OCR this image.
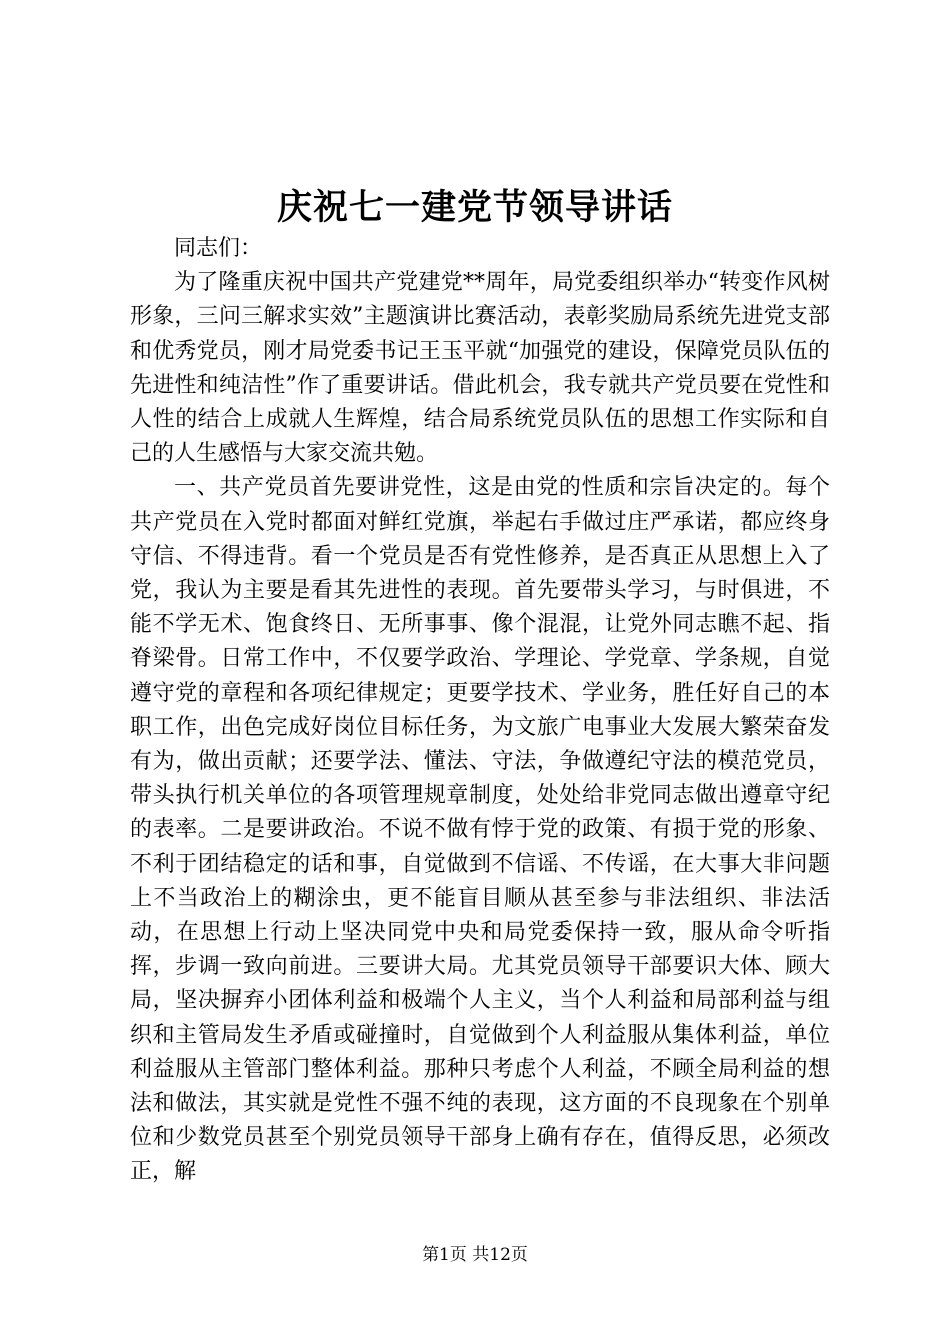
庆祝七一建党节领导讲话

同志们：

为了隆重庆祝中国共产党建党**周年，局党委组织举办“转变作风树形象，三问三解求实效”主题演讲比赛活动，表彰奖励局系统先进党支部和优秀党员，刚才局党委书记王玉平就“加强党的建设，保障党员队伍的先进性和纯洁性”作了重要讲话。借此机会，我专就共产党员要在党性和人性的结合上成就人生辉煌，结合局系统党员队伍的思想工作实际和自己的人生感悟与大家交流共勉。

一、共产党员首先要讲党性，这是由党的性质和宗旨决定的。每个共产党员在入党时都面对鲜红党旗，举起右手做过庄严承诺，都应终身守信、不得违背。看一个党员是否有党性修养，是否真正从思想上入了党，我认为主要是看其先进性的表现。首先要带头学习，与时俱进，不能不学无术、饱食终日、无所事事、像个混混，让党外同志瞧不起、指脊梁骨。日常工作中，不仅要学政治、学理论、学党章、学条规，自觉遵守党的章程和各项纪律规定；更要学技术、学业务，胜任好自己的本职工作，出色完成好岗位目标任务，为文旅广电事业大发展大繁荣奋发有为，做出贡献；还要学法、懂法、守法，争做遵纪守法的模范党员，带头执行机关单位的各项管理规章制度，处处给非党同志做出遵章守纪的表率。二是要讲政治。不说不做有悖于党的政策、有损于党的形象、不利于团结稳定的话和事，自觉做到不信谣、不传谣，在大事大非问题上不当政治上的糊涂虫，更不能盲目顺从甚至参与非法组织、非法活动，在思想上行动上坚决同党中央和局党委保持一致，服从命令听指挥，步调一致向前进。三要讲大局。尤其党员领导干部要识大体、顾大局，坚决摒弃小团体利益和极端个人主义，当个人利益和局部利益与组织和主管局发生矛盾或碰撞时，自觉做到个人利益服从集体利益，单位利益服从主管部门整体利益。那种只考虑个人利益，不顾全局利益的想法和做法，其实就是党性不强不纯的表现，这方面的不良现象在个别单位和少数党员甚至个别党员领导干部身上确有存在，值得反思，必须改正，解

第1页 共12页
